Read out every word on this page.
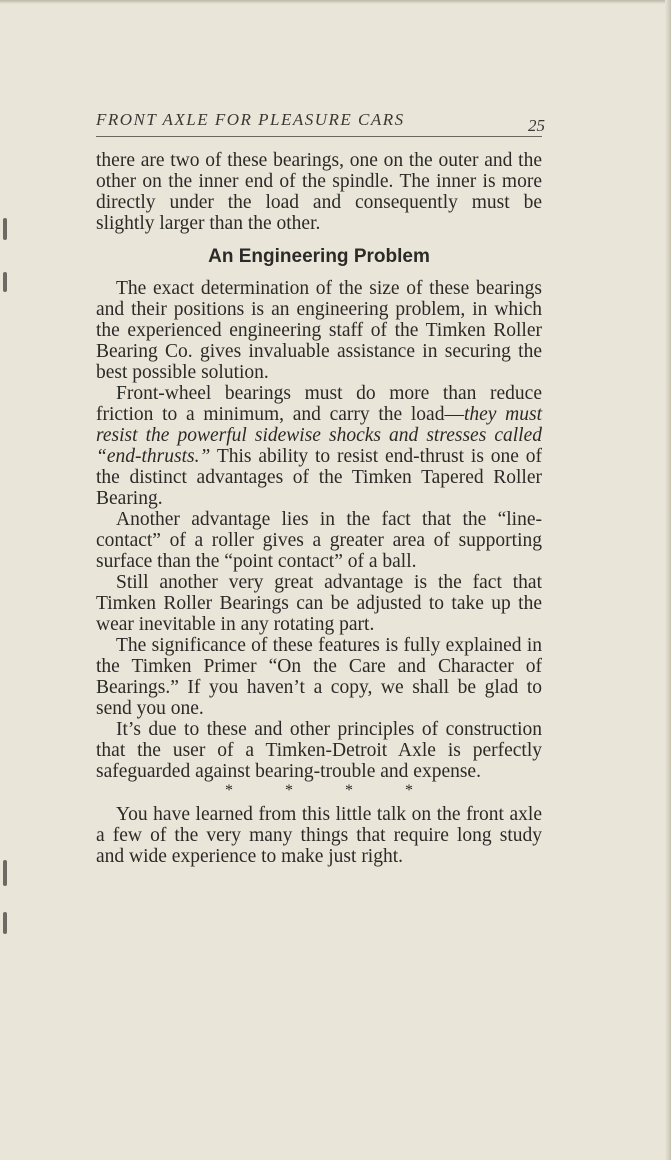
FRONT AXLE FOR PLEASURE CARS	25

there are two of these bearings, one on the outer and the other on the inner end of the spindle. The inner is more directly under the load and consequently must be slightly larger than the other.

An Engineering Problem

The exact determination of the size of these bearings and their positions is an engineering problem, in which the experienced engineering staff of the Timken Roller Bearing Co. gives invaluable assistance in securing the best possible solution.

Front-wheel bearings must do more than reduce friction to a minimum, and carry the load—they must resist the powerful sidewise shocks and stresses called “end-thrusts.” This ability to resist end-thrust is one of the distinct advantages of the Timken Tapered Roller Bearing.

Another advantage lies in the fact that the “line-contact” of a roller gives a greater area of supporting surface than the “point contact” of a ball.

Still another very great advantage is the fact that Timken Roller Bearings can be adjusted to take up the wear inevitable in any rotating part.

The significance of these features is fully explained in the Timken Primer “On the Care and Character of Bearings.” If you haven’t a copy, we shall be glad to send you one.

It’s due to these and other principles of construction that the user of a Timken-Detroit Axle is perfectly safeguarded against bearing-trouble and expense.

* * * *

You have learned from this little talk on the front axle a few of the very many things that require long study and wide experience to make just right.
